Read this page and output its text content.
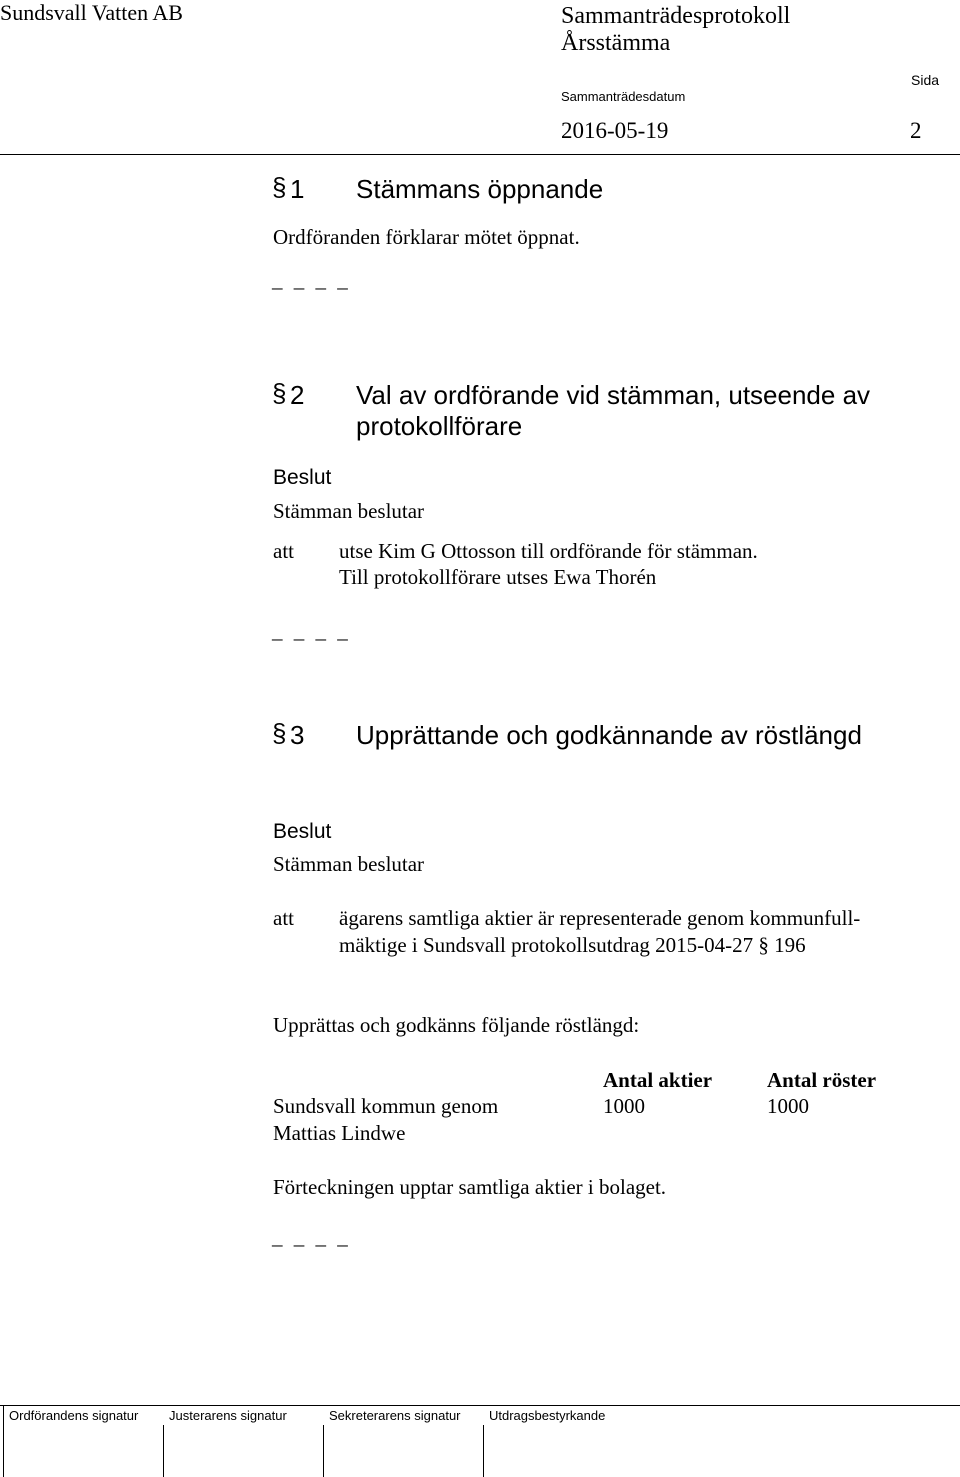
Sundsvall Vatten AB	Sammanträdesprotokoll
Årsstämma
Sammanträdesdatum
Sida
2016-05-19	2
§ 1 Stämmans öppnande
Ordföranden förklarar mötet öppnat.
_ _ _ _
§ 2 Val av ordförande vid stämman, utseende av
protokollförare
Beslut
Stämman beslutar
att utse Kim G Ottosson till ordförande för stämman.
Till protokollförare utses Ewa Thorén
_ _ _ _
§ 3 Upprättande och godkännande av röstlängd
Beslut
Stämman beslutar
att ägarens samtliga aktier är representerade genom kommunfull-
mäktige i Sundsvall protokollsutdrag 2015-04-27 § 196
Upprättas och godkänns följande röstlängd:
Antal aktier	Antal röster
Sundsvall kommun genom
Mattias Lindwe
1000	1000
Förteckningen upptar samtliga aktier i bolaget.
_ _ _ _
Ordförandens signatur Justerarens signatur	Sekreterarens signatur Utdragsbestyrkande
